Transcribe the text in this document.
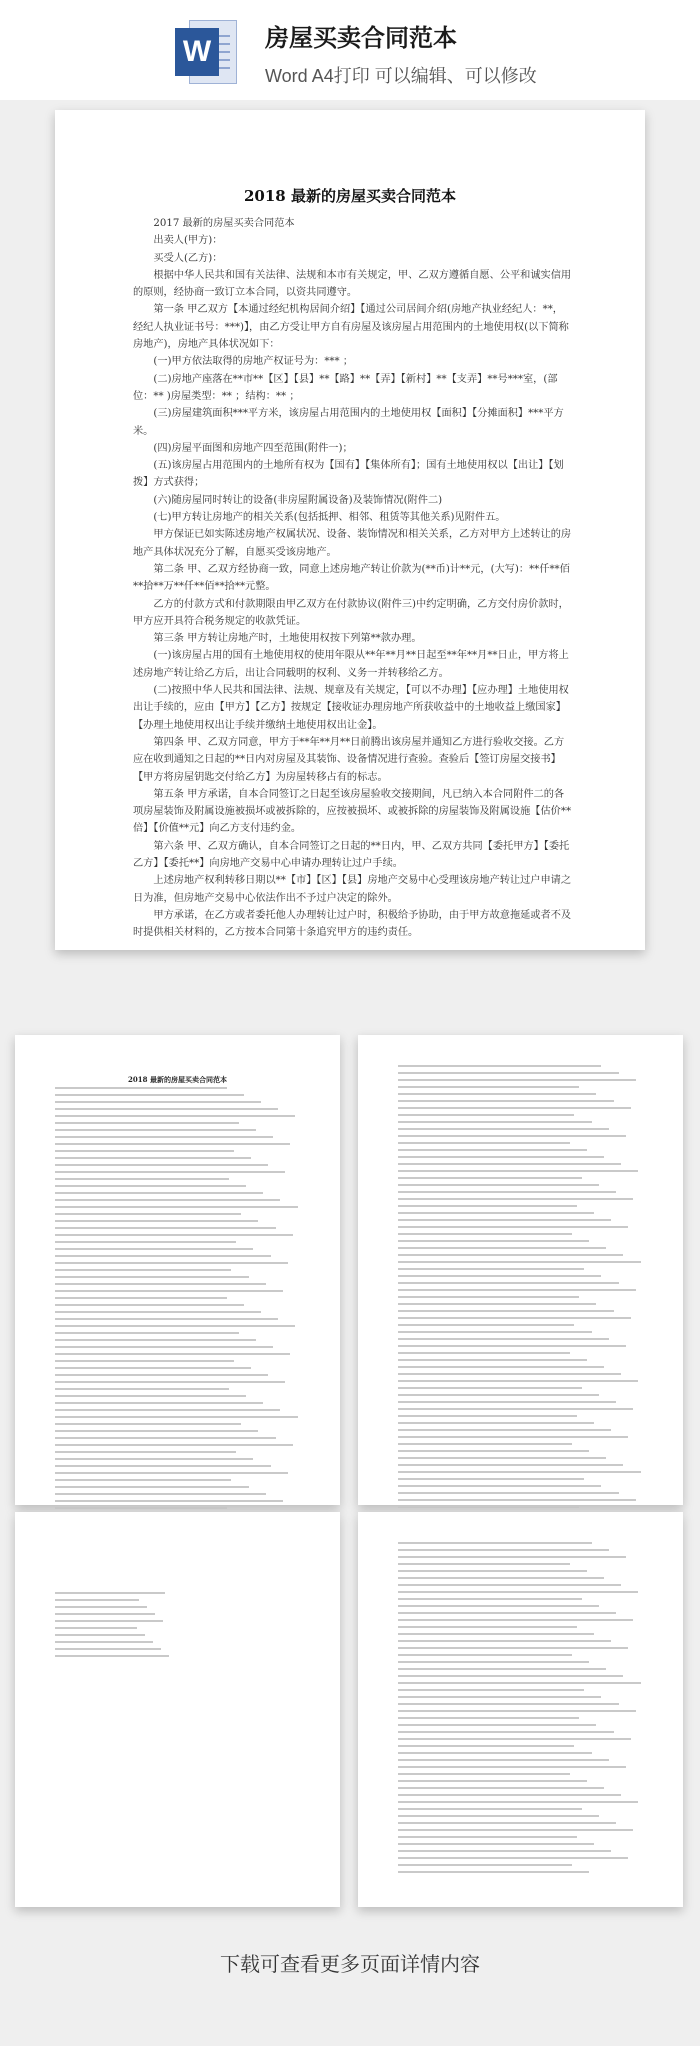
W	房屋买卖合同范本
Word A4打印 可以编辑、可以修改
2018 最新的房屋买卖合同范本

2017 最新的房屋买卖合同范本

出卖人(甲方)：

买受人(乙方)：

根据中华人民共和国有关法律、法规和本市有关规定，甲、乙双方遵循自愿、公平和诚实信用的原则，经协商一致订立本合同，以资共同遵守。

第一条 甲乙双方【本通过经纪机构居间介绍】【通过公司居间介绍(房地产执业经纪人：**，经纪人执业证书号：***)】，由乙方受让甲方自有房屋及该房屋占用范围内的土地使用权(以下简称房地产)，房地产具体状况如下：

(一)甲方依法取得的房地产权证号为：*** ；

(二)房地产座落在**市**【区】【县】**【路】**【弄】【新村】**【支弄】**号***室，(部位：** )房屋类型：** ；结构：** ；

(三)房屋建筑面积***平方米，该房屋占用范围内的土地使用权【面积】【分摊面积】***平方米。

(四)房屋平面图和房地产四至范围(附件一)；

(五)该房屋占用范围内的土地所有权为【国有】【集体所有】；国有土地使用权以【出让】【划拨】方式获得；

(六)随房屋同时转让的设备(非房屋附属设备)及装饰情况(附件二)

(七)甲方转让房地产的相关关系(包括抵押、相邻、租赁等其他关系)见附件五。

甲方保证已如实陈述房地产权属状况、设备、装饰情况和相关关系，乙方对甲方上述转让的房地产具体状况充分了解，自愿买受该房地产。

第二条 甲、乙双方经协商一致，同意上述房地产转让价款为(**币)计**元，(大写)：**仟**佰**拾**万**仟**佰**拾**元整。

乙方的付款方式和付款期限由甲乙双方在付款协议(附件三)中约定明确，乙方交付房价款时，甲方应开具符合税务规定的收款凭证。

第三条 甲方转让房地产时，土地使用权按下列第**款办理。

(一)该房屋占用的国有土地使用权的使用年限从**年**月**日起至**年**月**日止，甲方将上述房地产转让给乙方后，出让合同载明的权利、义务一并转移给乙方。

(二)按照中华人民共和国法律、法规、规章及有关规定，【可以不办理】【应办理】土地使用权出让手续的，应由【甲方】【乙方】按规定【接收证办理房地产所获收益中的土地收益上缴国家】【办理土地使用权出让手续并缴纳土地使用权出让金】。

第四条 甲、乙双方同意，甲方于**年**月**日前腾出该房屋并通知乙方进行验收交接。乙方应在收到通知之日起的**日内对房屋及其装饰、设备情况进行查验。查验后【签订房屋交接书】【甲方将房屋钥匙交付给乙方】为房屋转移占有的标志。

第五条 甲方承诺，自本合同签订之日起至该房屋验收交接期间，凡已纳入本合同附件二的各项房屋装饰及附属设施被损坏或被拆除的，应按被损坏、或被拆除的房屋装饰及附属设施【估价**倍】【价值**元】向乙方支付违约金。

第六条 甲、乙双方确认，自本合同签订之日起的**日内，甲、乙双方共同【委托甲方】【委托乙方】【委托**】向房地产交易中心申请办理转让过户手续。

上述房地产权利转移日期以**【市】【区】【县】房地产交易中心受理该房地产转让过户申请之日为准，但房地产交易中心依法作出不予过户决定的除外。

甲方承诺，在乙方或者委托他人办理转让过户时，积极给予协助，由于甲方故意拖延或者不及时提供相关材料的，乙方按本合同第十条追究甲方的违约责任。

2018 最新的房屋买卖合同范本
下载可查看更多页面详情内容
